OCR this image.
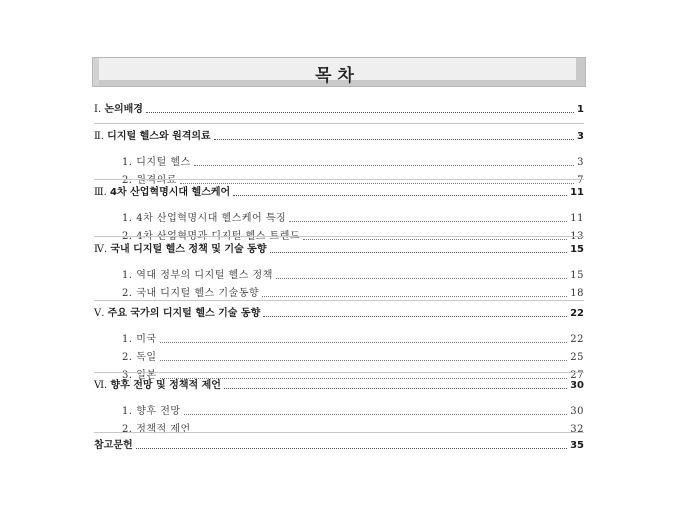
목 차
Ⅰ. 논의배경	1
Ⅱ. 디지털 헬스와 원격의료	3
1. 디지털 헬스	3
2. 원격의료	7
Ⅲ. 4차 산업혁명시대 헬스케어	11
1. 4차 산업혁명시대 헬스케어 특징	11
2. 4차 산업혁명과 디지털 헬스 트렌드	13
Ⅳ. 국내 디지털 헬스 정책 및 기술 동향	15
1. 역대 정부의 디지털 헬스 정책	15
2. 국내 디지털 헬스 기술동향	18
Ⅴ. 주요 국가의 디지털 헬스 기술 동향	22
1. 미국	22
2. 독일	25
3. 일본	27
Ⅵ. 향후 전망 및 정책적 제언	30
1. 향후 전망	30
2. 정책적 제언	32
참고문헌	35
